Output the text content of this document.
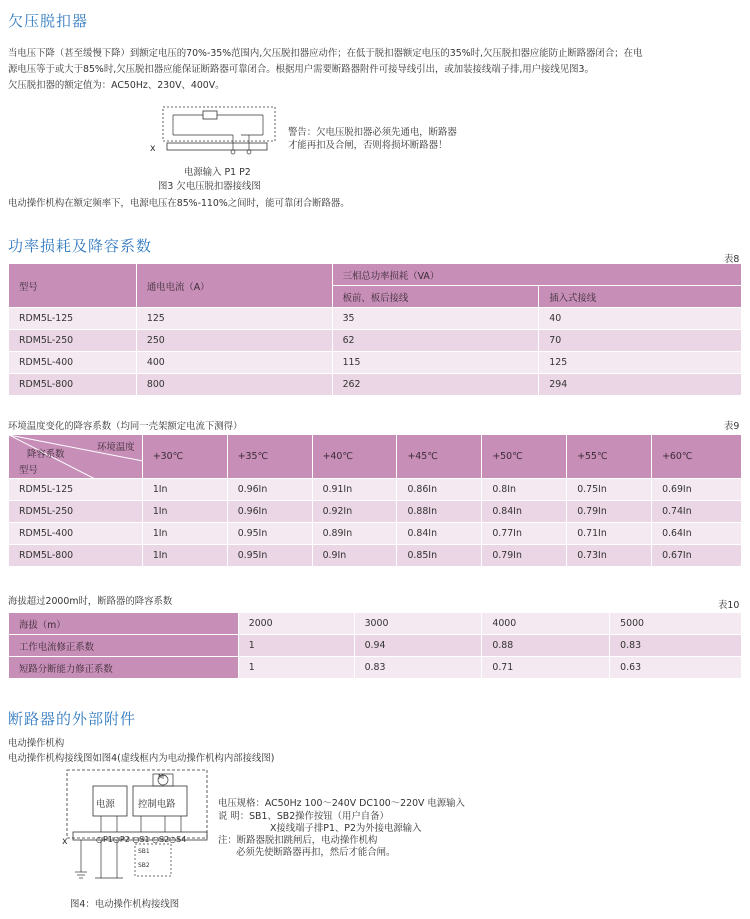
欠压脱扣器
当电压下降（甚至缓慢下降）到额定电压的70%-35%范围内,欠压脱扣器应动作；在低于脱扣器额定电压的35%时,欠压脱扣器应能防止断路器闭合；在电
源电压等于或大于85%时,欠压脱扣器应能保证断路器可靠闭合。根据用户需要断路器附件可接导线引出，或加装接线端子排,用户接线见图3。
欠压脱扣器的额定值为：AC50Hz、230V、400V。
x
电源输入 P1 P2
图3 欠电压脱扣器接线图
警告：欠电压脱扣器必须先通电，断路器
才能再扣及合闸，否则将损坏断路器！
电动操作机构在额定频率下，电源电压在85%-110%之间时，能可靠闭合断路器。
功率损耗及降容系数
表8
型号	通电电流（A）	三相总功率损耗（VA）	
		板前、板后接线	插入式接线
RDM5L-125	125	35	40
RDM5L-250	250	62	70
RDM5L-400	400	115	125
RDM5L-800	800	262	294
环境温度变化的降容系数（均同一壳架额定电流下测得）	表9
环境温度
降容系数
型号	+30℃	+35℃	+40℃	+45℃	+50℃	+55℃	+60℃
RDM5L-125	1In	0.96In	0.91In	0.86In	0.8In	0.75In	0.69In
RDM5L-250	1In	0.96In	0.92In	0.88In	0.84In	0.79In	0.74In
RDM5L-400	1In	0.95In	0.89In	0.84In	0.77In	0.71In	0.64In
RDM5L-800	1In	0.95In	0.9In	0.85In	0.79In	0.73In	0.67In
海拔超过2000m时，断路器的降容系数	表10
海拔（m）	2000	3000	4000	5000
工作电流修正系数	1	0.94	0.88	0.83
短路分断能力修正系数	1	0.83	0.71	0.63
断路器的外部附件
电动操作机构
电动操作机构接线图如图4(虚线框内为电动操作机构内部接线图)
电源 控制电路
M
x	○P1○P2 ○S1 ○S2○S4
SB1
SB2
电压规格：AC50Hz 100～240V DC100～220V 电源输入
说 明：SB1、SB2操作按钮（用户自备）
X接线端子排P1、P2为外接电源输入
注：断路器脱扣跳闸后，电动操作机构
必须先使断路器再扣，然后才能合闸。
图4：电动操作机构接线图
